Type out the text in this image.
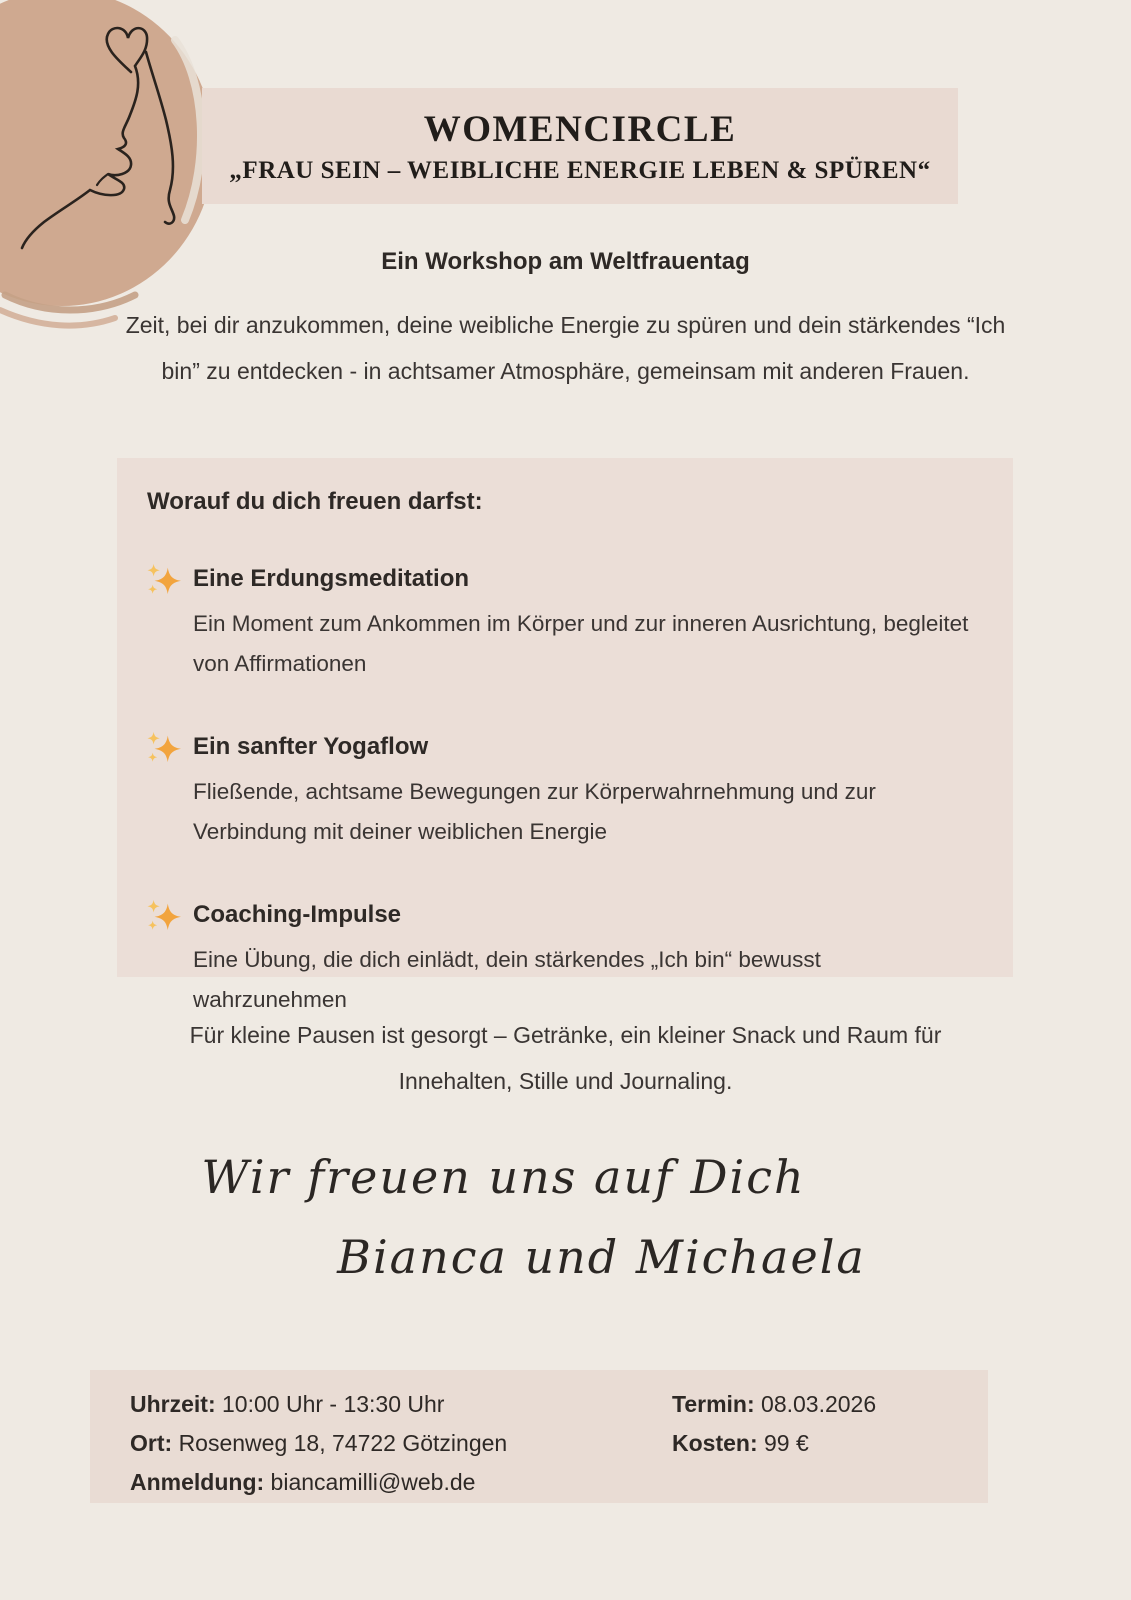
WOMENCIRCLE
„FRAU SEIN – WEIBLICHE ENERGIE LEBEN & SPÜREN“

Ein Workshop am Weltfrauentag

Zeit, bei dir anzukommen, deine weibliche Energie zu spüren und dein stärkendes “Ich bin” zu entdecken - in achtsamer Atmosphäre, gemeinsam mit anderen Frauen.

Worauf du dich freuen darfst:
Eine Erdungsmeditation

Ein Moment zum Ankommen im Körper und zur inneren Ausrichtung, begleitet von Affirmationen

Ein sanfter Yogaflow

Fließende, achtsame Bewegungen zur Körperwahrnehmung und zur Verbindung mit deiner weiblichen Energie

Coaching-Impulse

Eine Übung, die dich einlädt, dein stärkendes „Ich bin“ bewusst wahrzunehmen

Für kleine Pausen ist gesorgt – Getränke, ein kleiner Snack und Raum für Innehalten, Stille und Journaling.

Wir freuen uns auf Dich
Bianca und Michaela
Uhrzeit: 10:00 Uhr - 13:30 Uhr
Ort: Rosenweg 18, 74722 Götzingen
Anmeldung: biancamilli@web.de
Termin: 08.03.2026
Kosten: 99 €
